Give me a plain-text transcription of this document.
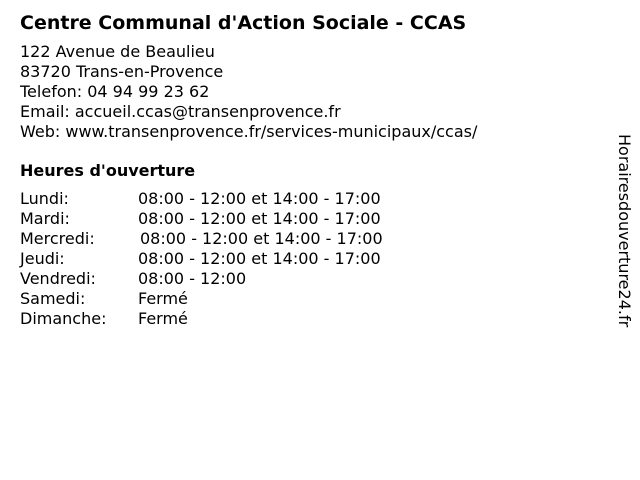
Centre Communal d'Action Sociale - CCAS
122 Avenue de Beaulieu
83720 Trans-en-Provence
Telefon: 04 94 99 23 62
Email: accueil.ccas@transenprovence.fr
Web: www.transenprovence.fr/services-municipaux/ccas/
Heures d'ouverture
Lundi:	08:00 - 12:00 et 14:00 - 17:00
Mardi:	08:00 - 12:00 et 14:00 - 17:00
Mercredi:	08:00 - 12:00 et 14:00 - 17:00
Jeudi:	08:00 - 12:00 et 14:00 - 17:00
Vendredi:	08:00 - 12:00
Samedi:	Fermé
Dimanche:	Fermé	Horairesdouverture24.fr
